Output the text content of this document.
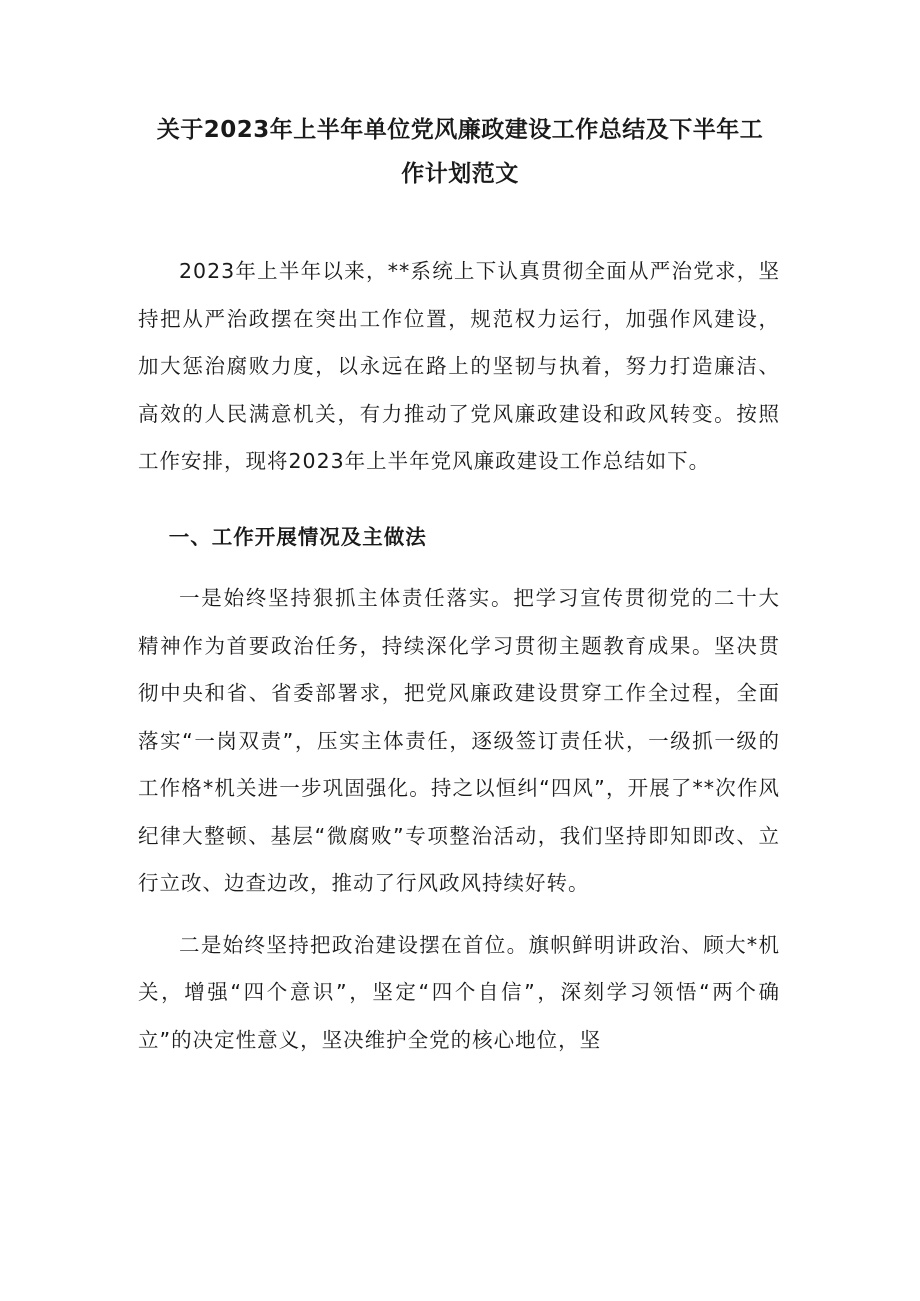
关于2023年上半年单位党风廉政建设工作总结及下半年工作计划范文

2023年上半年以来，**系统上下认真贯彻全面从严治党求，坚持把从严治政摆在突出工作位置，规范权力运行，加强作风建设，加大惩治腐败力度，以永远在路上的坚韧与执着，努力打造廉洁、高效的人民满意机关，有力推动了党风廉政建设和政风转变。按照工作安排，现将2023年上半年党风廉政建设工作总结如下。

一、工作开展情况及主做法

一是始终坚持狠抓主体责任落实。把学习宣传贯彻党的二十大精神作为首要政治任务，持续深化学习贯彻主题教育成果。坚决贯彻中央和省、省委部署求，把党风廉政建设贯穿工作全过程，全面落实“一岗双责”，压实主体责任，逐级签订责任状，一级抓一级的工作格*机关进一步巩固强化。持之以恒纠“四风”，开展了**次作风纪律大整顿、基层“微腐败”专项整治活动，我们坚持即知即改、立行立改、边查边改，推动了行风政风持续好转。

二是始终坚持把政治建设摆在首位。旗帜鲜明讲政治、顾大*机关，增强“四个意识”，坚定“四个自信”，深刻学习领悟“两个确立”的决定性意义，坚决维护全党的核心地位，坚
